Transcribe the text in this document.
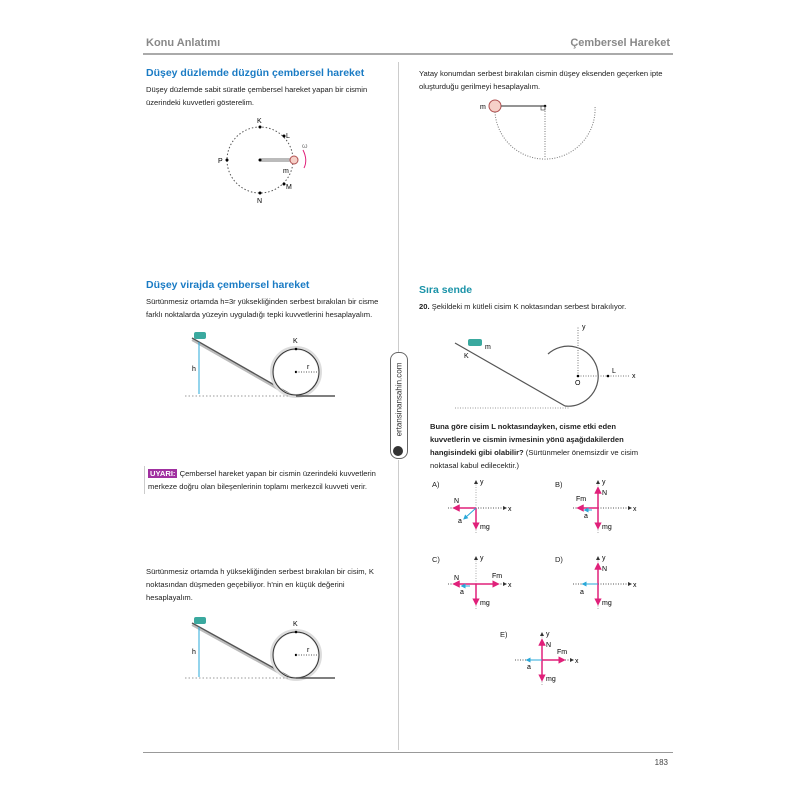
Konu Anlatımı	Çembersel Hareket
ertansinansahin.com
Düşey düzlemde düzgün çembersel hareket
Düşey düzlemde sabit süratle çembersel hareket yapan bir cismin üzerindeki kuvvetleri gösterelim.
K
L
P
M
N
m
ω
Düşey virajda çembersel hareket
Sürtünmesiz ortamda h=3r yüksekliğinden serbest bırakılan bir cisme farklı noktalarda yüzeyin uyguladığı tepki kuvvetlerini hesaplayalım.
h
K
r
UYARI: Çembersel hareket yapan bir cismin üzerindeki kuvvetlerin merkeze doğru olan bileşenlerinin toplamı merkezcil kuvveti verir.
Sürtünmesiz ortamda h yüksekliğinden serbest bırakılan bir cisim, K noktasından düşmeden geçebiliyor. h'nin en küçük değerini hesaplayalım.
h
K
r
Yatay konumdan serbest bırakılan cismin düşey eksenden geçerken ipte oluşturduğu gerilmeyi hesaplayalım.
m
Sıra sende
20. Şekildeki m kütleli cisim K noktasından serbest bırakılıyor.
m
K
y
x
O
L
Buna göre cisim L noktasındayken, cisme etki eden kuvvetlerin ve cismin ivmesinin yönü aşağıdakilerden hangisindeki gibi olabilir? (Sürtünmeler önemsizdir ve cisim noktasal kabul edilecektir.)
A)	B)
C)	D)
E)
N
mg
a
y
x
N
Fm
mg
a
y
x
N	Fm
mg
a
y
x
N
mg
a
y
x
N
Fm
mg
a
y
x
183
